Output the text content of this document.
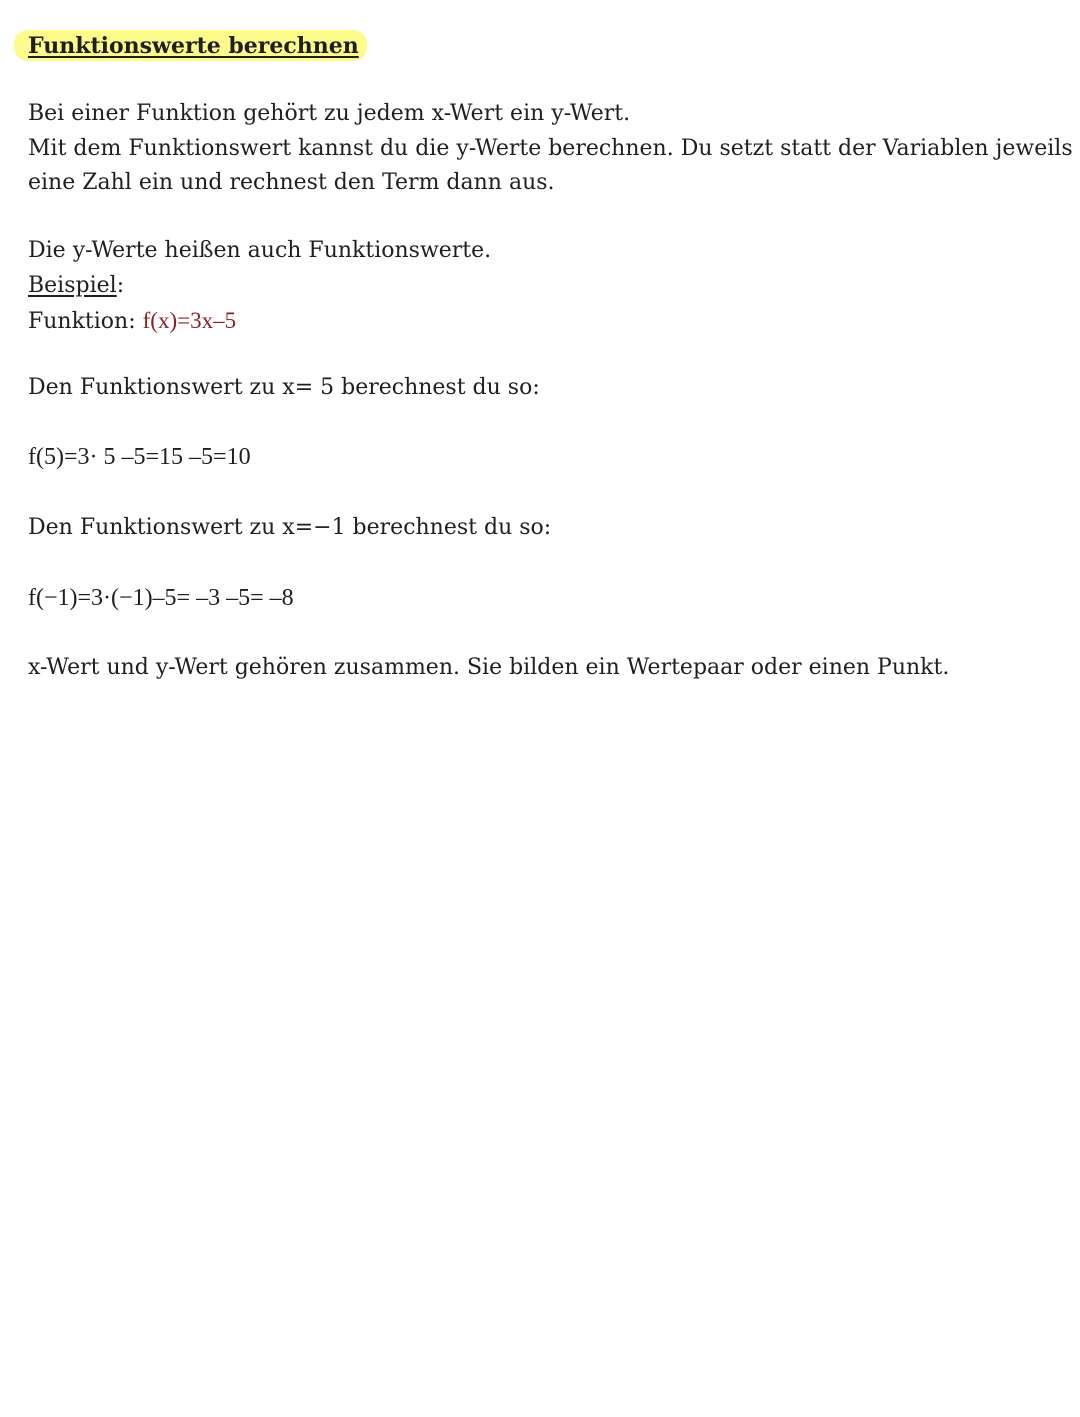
Funktionswerte berechnen
Bei einer Funktion gehört zu jedem x-Wert ein y-Wert.
Mit dem Funktionswert kannst du die y-Werte berechnen. Du setzt statt der Variablen jeweils
eine Zahl ein und rechnest den Term dann aus.
Die y-Werte heißen auch Funktionswerte.
Beispiel:
Funktion: f(x)=3x–5
Den Funktionswert zu x= 5 berechnest du so:
f(5)=3· 5 –5=15 –5=10
Den Funktionswert zu x=−1 berechnest du so:
f(−1)=3·(−1)–5= –3 –5= –8
x-Wert und y-Wert gehören zusammen. Sie bilden ein Wertepaar oder einen Punkt.
